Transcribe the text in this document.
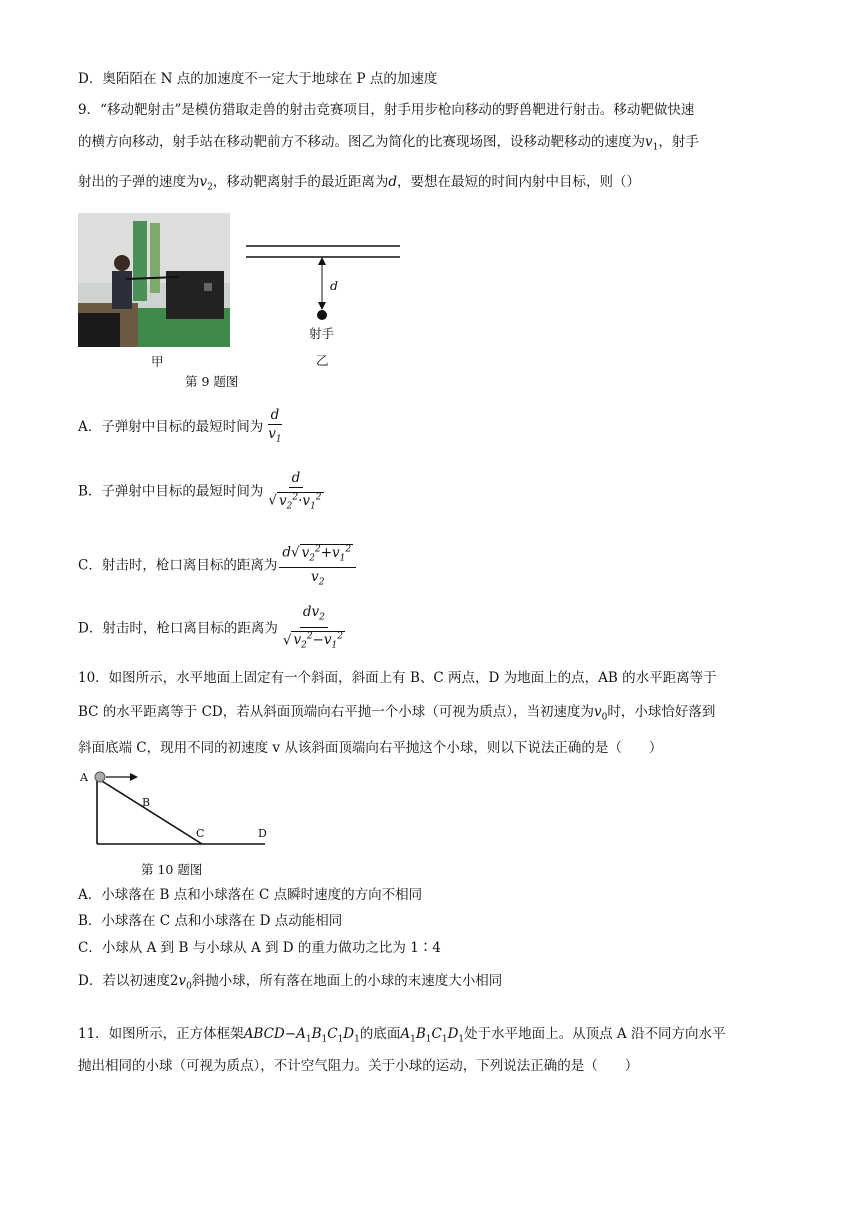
D．奥陌陌在 N 点的加速度不一定大于地球在 P 点的加速度
9．“移动靶射击”是模仿猎取走兽的射击竞赛项目，射手用步枪向移动的野兽靶进行射击。移动靶做快速
的横方向移动，射手站在移动靶前方不移动。图乙为简化的比赛现场图，设移动靶移动的速度为$v_1$，射手
射出的子弹的速度为$v_2$，移动靶离射手的最近距离为d，要想在最短的时间内射中目标，则（）
甲
d
射手
乙
第 9 题图
A．子弹射中目标的最短时间为 $\frac{d}{v_1}$
B．子弹射中目标的最短时间为 $\frac{d}{√ v_2^2\cdot v_1^2}$
C．射击时，枪口离目标的距离为 $\frac{d√ v_2^2+v_1^2}{v_2}$
D．射击时，枪口离目标的距离为 $\frac{dv_2}{√ v_2^2-v_1^2}$
10．如图所示，水平地面上固定有一个斜面，斜面上有 B、C 两点，D 为地面上的点，AB 的水平距离等于
BC 的水平距离等于 CD，若从斜面顶端向右平抛一个小球（可视为质点），当初速度为$v_0$时，小球恰好落到
斜面底端 C，现用不同的初速度 v 从该斜面顶端向右平抛这个小球，则以下说法正确的是（　　）
A
B
C	D
第 10 题图
A．小球落在 B 点和小球落在 C 点瞬时速度的方向不相同
B．小球落在 C 点和小球落在 D 点动能相同
C．小球从 A 到 B 与小球从 A 到 D 的重力做功之比为 1∶4
D．若以初速度$2v_0$斜抛小球，所有落在地面上的小球的末速度大小相同
11．如图所示，正方体框架$ABCD-A_1B_1C_1D_1$的底面$A_1B_1C_1D_1$处于水平地面上。从顶点 A 沿不同方向水平
抛出相同的小球（可视为质点），不计空气阻力。关于小球的运动，下列说法正确的是（　　）
